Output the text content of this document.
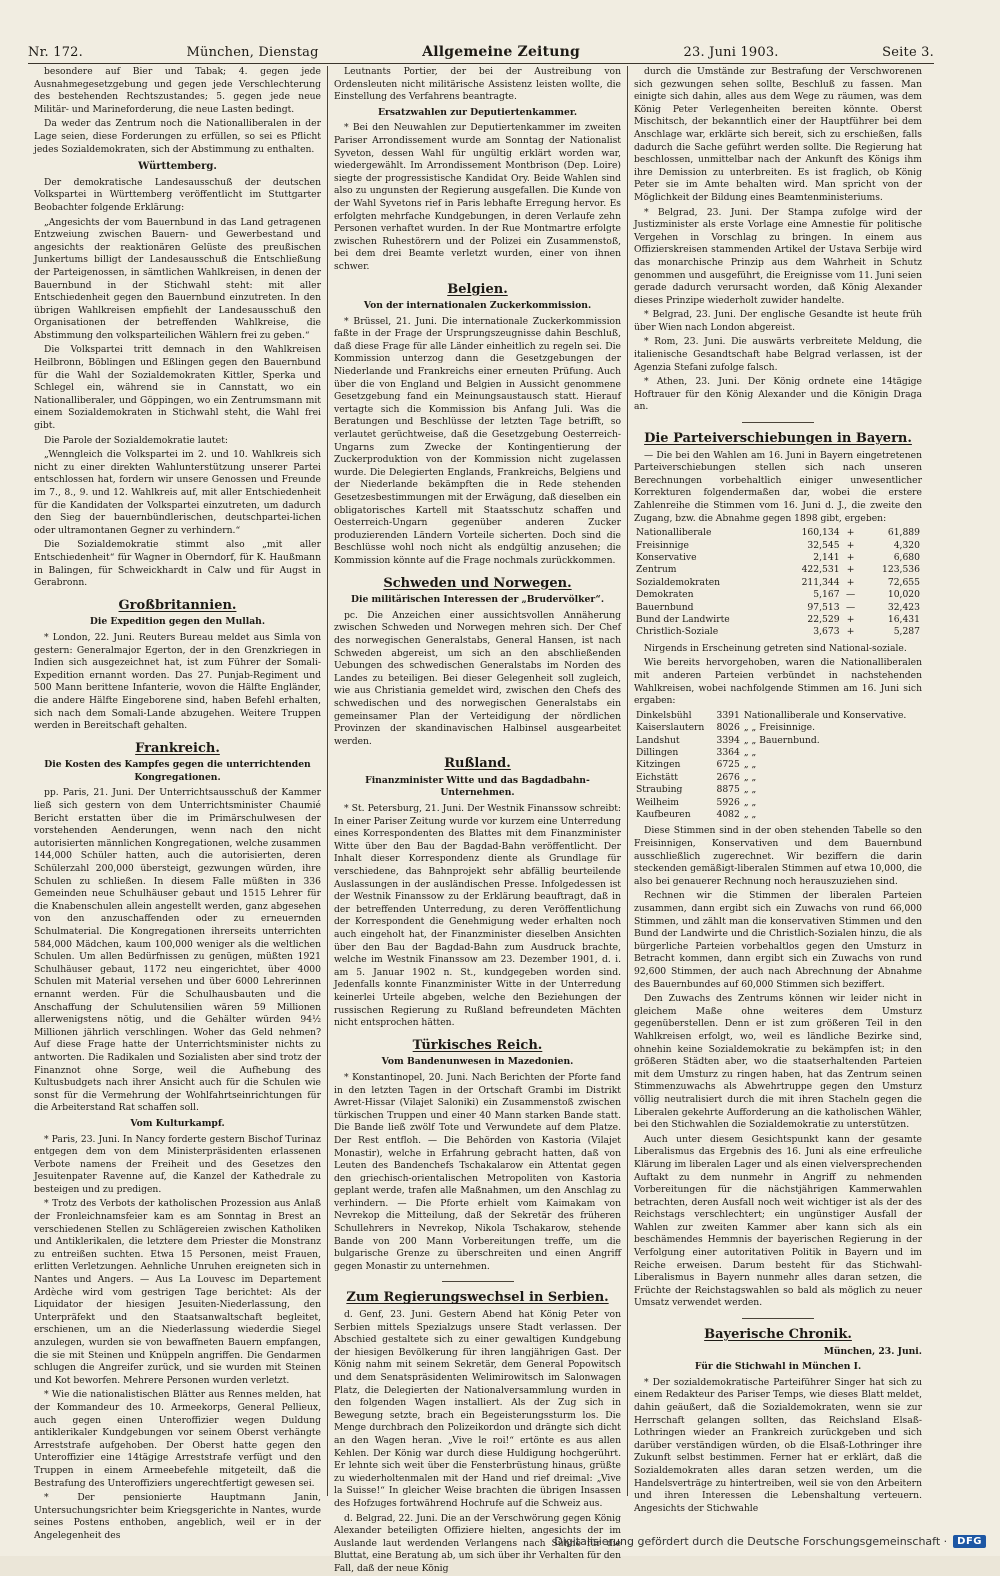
Nr. 172.	München, Dienstag	Allgemeine Zeitung	23. Juni 1903.	Seite 3.

besondere auf Bier und Tabak; 4. gegen jede Ausnahmegesetzgebung und gegen jede Verschlechterung des bestehenden Rechtszustandes; 5. gegen jede neue Militär- und Marineforderung, die neue Lasten bedingt.

Da weder das Zentrum noch die Nationalliberalen in der Lage seien, diese Forderungen zu erfüllen, so sei es Pflicht jedes Sozialdemokraten, sich der Abstimmung zu enthalten.

Württemberg.

Der demokratische Landesausschuß der deutschen Volkspartei in Württemberg veröffentlicht im Stuttgarter Beobachter folgende Erklärung:

„Angesichts der vom Bauernbund in das Land getragenen Entzweiung zwischen Bauern- und Gewerbestand und angesichts der reaktionären Gelüste des preußischen Junkertums billigt der Landesausschuß die Entschließung der Parteigenossen, in sämtlichen Wahlkreisen, in denen der Bauernbund in der Stichwahl steht: mit aller Entschiedenheit gegen den Bauernbund einzutreten. In den übrigen Wahlkreisen empfiehlt der Landesausschuß den Organisationen der betreffenden Wahlkreise, die Abstimmung den volksparteilichen Wählern frei zu geben.“

Die Volkspartei tritt demnach in den Wahlkreisen Heilbronn, Böblingen und Eßlingen gegen den Bauernbund für die Wahl der Sozialdemokraten Kittler, Sperka und Schlegel ein, während sie in Cannstatt, wo ein Nationalliberaler, und Göppingen, wo ein Zentrumsmann mit einem Sozialdemokraten in Stichwahl steht, die Wahl frei gibt.

Die Parole der Sozialdemokratie lautet:

„Wenngleich die Volkspartei im 2. und 10. Wahlkreis sich nicht zu einer direkten Wahlunterstützung unserer Partei entschlossen hat, fordern wir unsere Genossen und Freunde im 7., 8., 9. und 12. Wahlkreis auf, mit aller Entschiedenheit für die Kandidaten der Volkspartei einzutreten, um dadurch den Sieg der bauernbündlerischen, deutschpartei-lichen oder ultramontanen Gegner zu verhindern.“

Die Sozialdemokratie stimmt also „mit aller Entschiedenheit“ für Wagner in Oberndorf, für K. Haußmann in Balingen, für Schweickhardt in Calw und für Augst in Gerabronn.

Großbritannien.
Die Expedition gegen den Mullah.

* London, 22. Juni. Reuters Bureau meldet aus Simla von gestern: Generalmajor Egerton, der in den Grenzkriegen in Indien sich ausgezeichnet hat, ist zum Führer der Somali-Expedition ernannt worden. Das 27. Punjab-Regiment und 500 Mann berittene Infanterie, wovon die Hälfte Engländer, die andere Hälfte Eingeborene sind, haben Befehl erhalten, sich nach dem Somali-Lande abzugehen. Weitere Truppen werden in Bereitschaft gehalten.

Frankreich.
Die Kosten des Kampfes gegen die unterrichtenden Kongregationen.

pp. Paris, 21. Juni. Der Unterrichtsausschuß der Kammer ließ sich gestern von dem Unterrichtsminister Chaumié Bericht erstatten über die im Primärschulwesen der vorstehenden Aenderungen, wenn nach den nicht autorisierten männlichen Kongregationen, welche zusammen 144,000 Schüler hatten, auch die autorisierten, deren Schülerzahl 200,000 übersteigt, gezwungen würden, ihre Schulen zu schließen. In diesem Falle müßten in 336 Gemeinden neue Schulhäuser gebaut und 1515 Lehrer für die Knabenschulen allein angestellt werden, ganz abgesehen von den anzuschaffenden oder zu erneuernden Schulmaterial. Die Kongregationen ihrerseits unterrichten 584,000 Mädchen, kaum 100,000 weniger als die weltlichen Schulen. Um allen Bedürfnissen zu genügen, müßten 1921 Schulhäuser gebaut, 1172 neu eingerichtet, über 4000 Schulen mit Material versehen und über 6000 Lehrerinnen ernannt werden. Für die Schulhausbauten und die Anschaffung der Schulutensilien wären 59 Millionen allerwenigstens nötig, und die Gehälter würden 94½ Millionen jährlich verschlingen. Woher das Geld nehmen? Auf diese Frage hatte der Unterrichtsminister nichts zu antworten. Die Radikalen und Sozialisten aber sind trotz der Finanznot ohne Sorge, weil die Aufhebung des Kultusbudgets nach ihrer Ansicht auch für die Schulen wie sonst für die Vermehrung der Wohlfahrtseinrichtungen für die Arbeiterstand Rat schaffen soll.

Vom Kulturkampf.

* Paris, 23. Juni. In Nancy forderte gestern Bischof Turinaz entgegen dem von dem Ministerpräsidenten erlassenen Verbote namens der Freiheit und des Gesetzes den Jesuitenpater Ravenne auf, die Kanzel der Kathedrale zu besteigen und zu predigen.

* Trotz des Verbots der katholischen Prozession aus Anlaß der Fronleichnamsfeier kam es am Sonntag in Brest an verschiedenen Stellen zu Schlägereien zwischen Katholiken und Antiklerikalen, die letztere dem Priester die Monstranz zu entreißen suchten. Etwa 15 Personen, meist Frauen, erlitten Verletzungen. Aehnliche Unruhen ereigneten sich in Nantes und Angers. — Aus La Louvesc im Departement Ardèche wird vom gestrigen Tage berichtet: Als der Liquidator der hiesigen Jesuiten-Niederlassung, den Unterpräfekt und den Staatsanwaltschaft begleitet, erschienen, um an die Niederlassung wiederdie Siegel anzulegen, wurden sie von bewaffneten Bauern empfangen, die sie mit Steinen und Knüppeln angriffen. Die Gendarmen schlugen die Angreifer zurück, und sie wurden mit Steinen und Kot beworfen. Mehrere Personen wurden verletzt.

* Wie die nationalistischen Blätter aus Rennes melden, hat der Kommandeur des 10. Armeekorps, General Pellieux, auch gegen einen Unteroffizier wegen Duldung antiklerikaler Kundgebungen vor seinem Oberst verhängte Arreststrafe aufgehoben. Der Oberst hatte gegen den Unteroffizier eine 14tägige Arreststrafe verfügt und den Truppen in einem Armeebefehle mitgeteilt, daß die Bestrafung des Unteroffiziers ungerechtfertigt gewesen sei.

* Der pensionierte Hauptmann Janin, Untersuchungsrichter beim Kriegsgerichte in Nantes, wurde seines Postens enthoben, angeblich, weil er in der Angelegenheit des

Leutnants Portier, der bei der Austreibung von Ordensleuten nicht militärische Assistenz leisten wollte, die Einstellung des Verfahrens beantragte.

Ersatzwahlen zur Deputiertenkammer.

* Bei den Neuwahlen zur Deputiertenkammer im zweiten Pariser Arrondissement wurde am Sonntag der Nationalist Syveton, dessen Wahl für ungültig erklärt worden war, wiedergewählt. Im Arrondissement Montbrison (Dep. Loire) siegte der progressistische Kandidat Ory. Beide Wahlen sind also zu ungunsten der Regierung ausgefallen. Die Kunde von der Wahl Syvetons rief in Paris lebhafte Erregung hervor. Es erfolgten mehrfache Kundgebungen, in deren Verlaufe zehn Personen verhaftet wurden. In der Rue Montmartre erfolgte zwischen Ruhestörern und der Polizei ein Zusammenstoß, bei dem drei Beamte verletzt wurden, einer von ihnen schwer.

Belgien.
Von der internationalen Zuckerkommission.

* Brüssel, 21. Juni. Die internationale Zuckerkommission faßte in der Frage der Ursprungszeugnisse dahin Beschluß, daß diese Frage für alle Länder einheitlich zu regeln sei. Die Kommission unterzog dann die Gesetzgebungen der Niederlande und Frankreichs einer erneuten Prüfung. Auch über die von England und Belgien in Aussicht genommene Gesetzgebung fand ein Meinungsaustausch statt. Hierauf vertagte sich die Kommission bis Anfang Juli. Was die Beratungen und Beschlüsse der letzten Tage betrifft, so verlautet gerüchtweise, daß die Gesetzgebung Oesterreich-Ungarns zum Zwecke der Kontingentierung der Zuckerproduktion von der Kommission nicht zugelassen wurde. Die Delegierten Englands, Frankreichs, Belgiens und der Niederlande bekämpften die in Rede stehenden Gesetzesbestimmungen mit der Erwägung, daß dieselben ein obligatorisches Kartell mit Staatsschutz schaffen und Oesterreich-Ungarn gegenüber anderen Zucker produzierenden Ländern Vorteile sicherten. Doch sind die Beschlüsse wohl noch nicht als endgültig anzusehen; die Kommission könnte auf die Frage nochmals zurückkommen.

Schweden und Norwegen.
Die militärischen Interessen der „Brudervölker“.

pc. Die Anzeichen einer aussichtsvollen Annäherung zwischen Schweden und Norwegen mehren sich. Der Chef des norwegischen Generalstabs, General Hansen, ist nach Schweden abgereist, um sich an den abschließenden Uebungen des schwedischen Generalstabs im Norden des Landes zu beteiligen. Bei dieser Gelegenheit soll zugleich, wie aus Christiania gemeldet wird, zwischen den Chefs des schwedischen und des norwegischen Generalstabs ein gemeinsamer Plan der Verteidigung der nördlichen Provinzen der skandinavischen Halbinsel ausgearbeitet werden.

Rußland.
Finanzminister Witte und das Bagdadbahn-Unternehmen.

* St. Petersburg, 21. Juni. Der Westnik Finanssow schreibt: In einer Pariser Zeitung wurde vor kurzem eine Unterredung eines Korrespondenten des Blattes mit dem Finanzminister Witte über den Bau der Bagdad-Bahn veröffentlicht. Der Inhalt dieser Korrespondenz diente als Grundlage für verschiedene, das Bahnprojekt sehr abfällig beurteilende Auslassungen in der ausländischen Presse. Infolgedessen ist der Westnik Finanssow zu der Erklärung beauftragt, daß in der betreffenden Unterredung, zu deren Veröffentlichung der Korrespondent die Genehmigung weder erhalten noch auch eingeholt hat, der Finanzminister dieselben Ansichten über den Bau der Bagdad-Bahn zum Ausdruck brachte, welche im Westnik Finanssow am 23. Dezember 1901, d. i. am 5. Januar 1902 n. St., kundgegeben worden sind. Jedenfalls konnte Finanzminister Witte in der Unterredung keinerlei Urteile abgeben, welche den Beziehungen der russischen Regierung zu Rußland befreundeten Mächten nicht entsprochen hätten.

Türkisches Reich.
Vom Bandenunwesen in Mazedonien.

* Konstantinopel, 20. Juni. Nach Berichten der Pforte fand in den letzten Tagen in der Ortschaft Grambi im Distrikt Awret-Hissar (Vilajet Saloniki) ein Zusammenstoß zwischen türkischen Truppen und einer 40 Mann starken Bande statt. Die Bande ließ zwölf Tote und Verwundete auf dem Platze. Der Rest entfloh. — Die Behörden von Kastoria (Vilajet Monastir), welche in Erfahrung gebracht hatten, daß von Leuten des Bandenchefs Tschakalarow ein Attentat gegen den griechisch-orientalischen Metropoliten von Kastoria geplant werde, trafen alle Maßnahmen, um den Anschlag zu verhindern. — Die Pforte erhielt vom Kaimakam von Nevrekop die Mitteilung, daß der Sekretär des früheren Schullehrers in Nevrekop, Nikola Tschakarow, stehende Bande von 200 Mann Vorbereitungen treffe, um die bulgarische Grenze zu überschreiten und einen Angriff gegen Monastir zu unternehmen.

Zum Regierungswechsel in Serbien.

d. Genf, 23. Juni. Gestern Abend hat König Peter von Serbien mittels Spezialzugs unsere Stadt verlassen. Der Abschied gestaltete sich zu einer gewaltigen Kundgebung der hiesigen Bevölkerung für ihren langjährigen Gast. Der König nahm mit seinem Sekretär, dem General Popowitsch und dem Senatspräsidenten Welimirowitsch im Salonwagen Platz, die Delegierten der Nationalversammlung wurden in den folgenden Wagen installiert. Als der Zug sich in Bewegung setzte, brach ein Begeisterungssturm los. Die Menge durchbrach den Polizeikordon und drängte sich dicht an den Wagen heran. „Vive le roi!“ ertönte es aus allen Kehlen. Der König war durch diese Huldigung hochgerührt. Er lehnte sich weit über die Fensterbrüstung hinaus, grüßte zu wiederholtenmalen mit der Hand und rief dreimal: „Vive la Suisse!“ In gleicher Weise brachten die übrigen Insassen des Hofzuges fortwährend Hochrufe auf die Schweiz aus.

d. Belgrad, 22. Juni. Die an der Verschwörung gegen König Alexander beteiligten Offiziere hielten, angesichts der im Auslande laut werdenden Verlangens nach Sühne für die Bluttat, eine Beratung ab, um sich über ihr Verhalten für den Fall, daß der neue König

durch die Umstände zur Bestrafung der Verschworenen sich gezwungen sehen sollte, Beschluß zu fassen. Man einigte sich dahin, alles aus dem Wege zu räumen, was dem König Peter Verlegenheiten bereiten könnte. Oberst Mischitsch, der bekanntlich einer der Hauptführer bei dem Anschlage war, erklärte sich bereit, sich zu erschießen, falls dadurch die Sache geführt werden sollte. Die Regierung hat beschlossen, unmittelbar nach der Ankunft des Königs ihm ihre Demission zu unterbreiten. Es ist fraglich, ob König Peter sie im Amte behalten wird. Man spricht von der Möglichkeit der Bildung eines Beamtenministeriums.

* Belgrad, 23. Juni. Der Stampa zufolge wird der Justizminister als erste Vorlage eine Amnestie für politische Vergehen in Vorschlag zu bringen. In einem aus Offizierskreisen stammenden Artikel der Ustava Serbije wird das monarchische Prinzip aus dem Wahrheit in Schutz genommen und ausgeführt, die Ereignisse vom 11. Juni seien gerade dadurch verursacht worden, daß König Alexander dieses Prinzipe wiederholt zuwider handelte.

* Belgrad, 23. Juni. Der englische Gesandte ist heute früh über Wien nach London abgereist.

* Rom, 23. Juni. Die auswärts verbreitete Meldung, die italienische Gesandtschaft habe Belgrad verlassen, ist der Agenzia Stefani zufolge falsch.

* Athen, 23. Juni. Der König ordnete eine 14tägige Hoftrauer für den König Alexander und die Königin Draga an.

Die Parteiverschiebungen in Bayern.

— Die bei den Wahlen am 16. Juni in Bayern eingetretenen Parteiverschiebungen stellen sich nach unseren Berechnungen vorbehaltlich einiger unwesentlicher Korrekturen folgendermaßen dar, wobei die erstere Zahlenreihe die Stimmen vom 16. Juni d. J., die zweite den Zugang, bzw. die Abnahme gegen 1898 gibt, ergeben:

Nationalliberale	160,134	+	61,889
Freisinnige	32,545	+	4,320
Konservative	2,141	+	6,680
Zentrum	422,531	+	123,536
Sozialdemokraten	211,344	+	72,655
Demokraten	5,167	—	10,020
Bauernbund	97,513	—	32,423
Bund der Landwirte	22,529	+	16,431
Christlich-Soziale	3,673	+	5,287

Nirgends in Erscheinung getreten sind National-soziale.

Wie bereits hervorgehoben, waren die Nationalliberalen mit anderen Parteien verbündet in nachstehenden Wahlkreisen, wobei nachfolgende Stimmen am 16. Juni sich ergaben:

Dinkelsbühl	3391	Nationalliberale und Konservative.
Kaiserslautern	8026	„ „ Freisinnige.
Landshut	3394	„ „ Bauernbund.
Dillingen	3364	„ „
Kitzingen	6725	„ „
Eichstätt	2676	„ „
Straubing	8875	„ „
Weilheim	5926	„ „
Kaufbeuren	4082	„ „

Diese Stimmen sind in der oben stehenden Tabelle so den Freisinnigen, Konservativen und dem Bauernbund ausschließlich zugerechnet. Wir beziffern die darin steckenden gemäßigt-liberalen Stimmen auf etwa 10,000, die also bei genauerer Rechnung noch herauszuziehen sind.

Rechnen wir die Stimmen der liberalen Parteien zusammen, dann ergibt sich ein Zuwachs von rund 66,000 Stimmen, und zählt man die konservativen Stimmen und den Bund der Landwirte und die Christlich-Sozialen hinzu, die als bürgerliche Parteien vorbehaltlos gegen den Umsturz in Betracht kommen, dann ergibt sich ein Zuwachs von rund 92,600 Stimmen, der auch nach Abrechnung der Abnahme des Bauernbundes auf 60,000 Stimmen sich beziffert.

Den Zuwachs des Zentrums können wir leider nicht in gleichem Maße ohne weiteres dem Umsturz gegenüberstellen. Denn er ist zum größeren Teil in den Wahlkreisen erfolgt, wo, weil es ländliche Bezirke sind, ohnehin keine Sozialdemokratie zu bekämpfen ist; in den größeren Städten aber, wo die staatserhaltenden Parteien mit dem Umsturz zu ringen haben, hat das Zentrum seinen Stimmenzuwachs als Abwehrtruppe gegen den Umsturz völlig neutralisiert durch die mit ihren Stacheln gegen die Liberalen gekehrte Aufforderung an die katholischen Wähler, bei den Stichwahlen die Sozialdemokratie zu unterstützen.

Auch unter diesem Gesichtspunkt kann der gesamte Liberalismus das Ergebnis des 16. Juni als eine erfreuliche Klärung im liberalen Lager und als einen vielversprechenden Auftakt zu dem nunmehr in Angriff zu nehmenden Vorbereitungen für die nächstjährigen Kammerwahlen betrachten, deren Ausfall noch weit wichtiger ist als der des Reichstags verschlechtert; ein ungünstiger Ausfall der Wahlen zur zweiten Kammer aber kann sich als ein beschämendes Hemmnis der bayerischen Regierung in der Verfolgung einer autoritativen Politik in Bayern und im Reiche erweisen. Darum besteht für das Stichwahl-Liberalismus in Bayern nunmehr alles daran setzen, die Früchte der Reichstagswahlen so bald als möglich zu neuer Umsatz verwendet werden.

Bayerische Chronik.

München, 23. Juni.

Für die Stichwahl in München I.

* Der sozialdemokratische Parteiführer Singer hat sich zu einem Redakteur des Pariser Temps, wie dieses Blatt meldet, dahin geäußert, daß die Sozialdemokraten, wenn sie zur Herrschaft gelangen sollten, das Reichsland Elsaß-Lothringen wieder an Frankreich zurückgeben und sich darüber verständigen würden, ob die Elsaß-Lothringer ihre Zukunft selbst bestimmen. Ferner hat er erklärt, daß die Sozialdemokraten alles daran setzen werden, um die Handelsverträge zu hintertreiben, weil sie von den Arbeitern und ihren Interessen die Lebenshaltung verteuern. Angesichts der Stichwahle

Digitalisierung gefördert durch die Deutsche Forschungsgemeinschaft ·	DFG
